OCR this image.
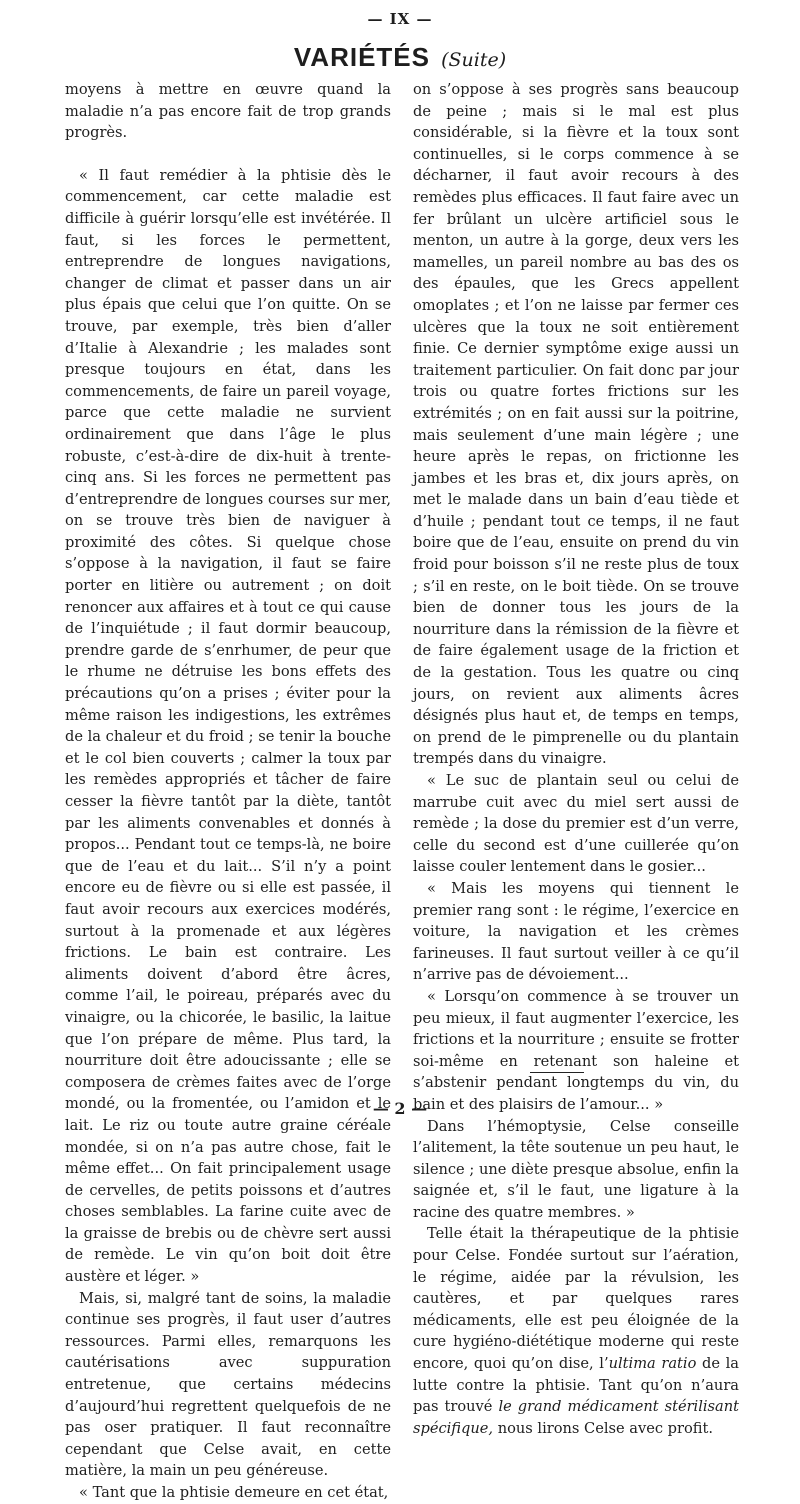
— IX —
VARIÉTÉS (Suite)

moyens à mettre en œuvre quand la maladie n’a pas encore fait de trop grands progrès.

« Il faut remédier à la phtisie dès le commencement, car cette maladie est difficile à guérir lorsqu’elle est invétérée. Il faut, si les forces le permettent, entreprendre de longues navigations, changer de climat et passer dans un air plus épais que celui que l’on quitte. On se trouve, par exemple, très bien d’aller d’Italie à Alexandrie ; les malades sont presque toujours en état, dans les commencements, de faire un pareil voyage, parce que cette maladie ne survient ordinairement que dans l’âge le plus robuste, c’est-à-dire de dix-huit à trente-cinq ans. Si les forces ne permettent pas d’entreprendre de longues courses sur mer, on se trouve très bien de naviguer à proximité des côtes. Si quelque chose s’oppose à la navigation, il faut se faire porter en litière ou autrement ; on doit renoncer aux affaires et à tout ce qui cause de l’inquiétude ; il faut dormir beaucoup, prendre garde de s’enrhumer, de peur que le rhume ne détruise les bons effets des précautions qu’on a prises ; éviter pour la même raison les indigestions, les extrêmes de la chaleur et du froid ; se tenir la bouche et le col bien couverts ; calmer la toux par les remèdes appropriés et tâcher de faire cesser la fièvre tantôt par la diète, tantôt par les aliments convenables et donnés à propos... Pendant tout ce temps-là, ne boire que de l’eau et du lait... S’il n’y a point encore eu de fièvre ou si elle est passée, il faut avoir recours aux exercices modérés, surtout à la promenade et aux légères frictions. Le bain est contraire. Les aliments doivent d’abord être âcres, comme l’ail, le poireau, préparés avec du vinaigre, ou la chicorée, le basilic, la laitue que l’on prépare de même. Plus tard, la nourriture doit être adoucissante ; elle se composera de crèmes faites avec de l’orge mondé, ou la fromentée, ou l’amidon et le lait. Le riz ou toute autre graine céréale mondée, si on n’a pas autre chose, fait le même effet... On fait principalement usage de cervelles, de petits poissons et d’autres choses semblables. La farine cuite avec de la graisse de brebis ou de chèvre sert aussi de remède. Le vin qu’on boit doit être austère et léger. »

Mais, si, malgré tant de soins, la maladie continue ses progrès, il faut user d’autres ressources. Parmi elles, remarquons les cautérisations avec suppuration entretenue, que certains médecins d’aujourd’hui regrettent quelquefois de ne pas oser pratiquer. Il faut reconnaître cependant que Celse avait, en cette matière, la main un peu généreuse.

« Tant que la phtisie demeure en cet état,

on s’oppose à ses progrès sans beaucoup de peine ; mais si le mal est plus considérable, si la fièvre et la toux sont continuelles, si le corps commence à se décharner, il faut avoir recours à des remèdes plus efficaces. Il faut faire avec un fer brûlant un ulcère artificiel sous le menton, un autre à la gorge, deux vers les mamelles, un pareil nombre au bas des os des épaules, que les Grecs appellent omoplates ; et l’on ne laisse par fermer ces ulcères que la toux ne soit entièrement finie. Ce dernier symptôme exige aussi un traitement particulier. On fait donc par jour trois ou quatre fortes frictions sur les extrémités ; on en fait aussi sur la poitrine, mais seulement d’une main légère ; une heure après le repas, on frictionne les jambes et les bras et, dix jours après, on met le malade dans un bain d’eau tiède et d’huile ; pendant tout ce temps, il ne faut boire que de l’eau, ensuite on prend du vin froid pour boisson s’il ne reste plus de toux ; s’il en reste, on le boit tiède. On se trouve bien de donner tous les jours de la nourriture dans la rémission de la fièvre et de faire également usage de la friction et de la gestation. Tous les quatre ou cinq jours, on revient aux aliments âcres désignés plus haut et, de temps en temps, on prend de le pimprenelle ou du plantain trempés dans du vinaigre.

« Le suc de plantain seul ou celui de marrube cuit avec du miel sert aussi de remède ; la dose du premier est d’un verre, celle du second est d’une cuillerée qu’on laisse couler lentement dans le gosier...

« Mais les moyens qui tiennent le premier rang sont : le régime, l’exercice en voiture, la navigation et les crèmes farineuses. Il faut surtout veiller à ce qu’il n’arrive pas de dévoiement...

« Lorsqu’on commence à se trouver un peu mieux, il faut augmenter l’exercice, les frictions et la nourriture ; ensuite se frotter soi-même en retenant son haleine et s’abstenir pendant longtemps du vin, du bain et des plaisirs de l’amour... »

Dans l’hémoptysie, Celse conseille l’alitement, la tête soutenue un peu haut, le silence ; une diète presque absolue, enfin la saignée et, s’il le faut, une ligature à la racine des quatre membres. »

Telle était la thérapeutique de la phtisie pour Celse. Fondée surtout sur l’aération, le régime, aidée par la révulsion, les cautères, et par quelques rares médicaments, elle est peu éloignée de la cure hygiéno-diététique moderne qui reste encore, quoi qu’on dise, l’ultima ratio de la lutte contre la phtisie. Tant qu’on n’aura pas trouvé le grand médicament stérilisant spécifique, nous lirons Celse avec profit.

— 2 —
